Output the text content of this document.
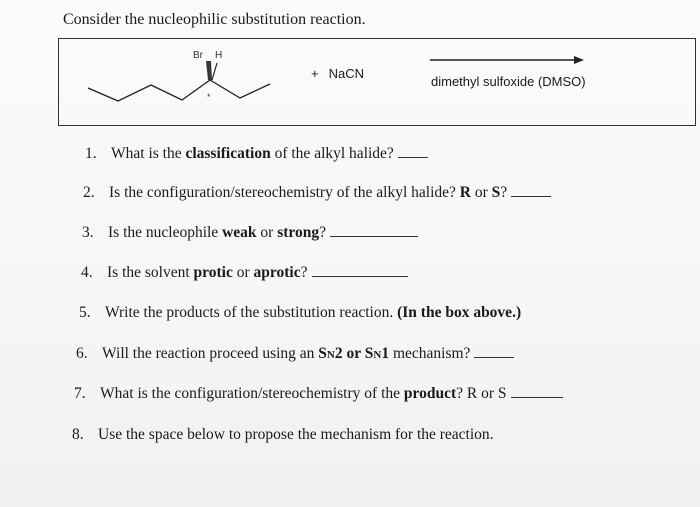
Consider the nucleophilic substitution reaction.
Br H
*
+ NaCN
dimethyl sulfoxide (DMSO)
1. What is the classification of the alkyl halide?
2. Is the configuration/stereochemistry of the alkyl halide? R or S?
3. Is the nucleophile weak or strong?
4. Is the solvent protic or aprotic?
5. Write the products of the substitution reaction. (In the box above.)
6. Will the reaction proceed using an SN2 or SN1 mechanism?
7. What is the configuration/stereochemistry of the product? R or S
8. Use the space below to propose the mechanism for the reaction.
